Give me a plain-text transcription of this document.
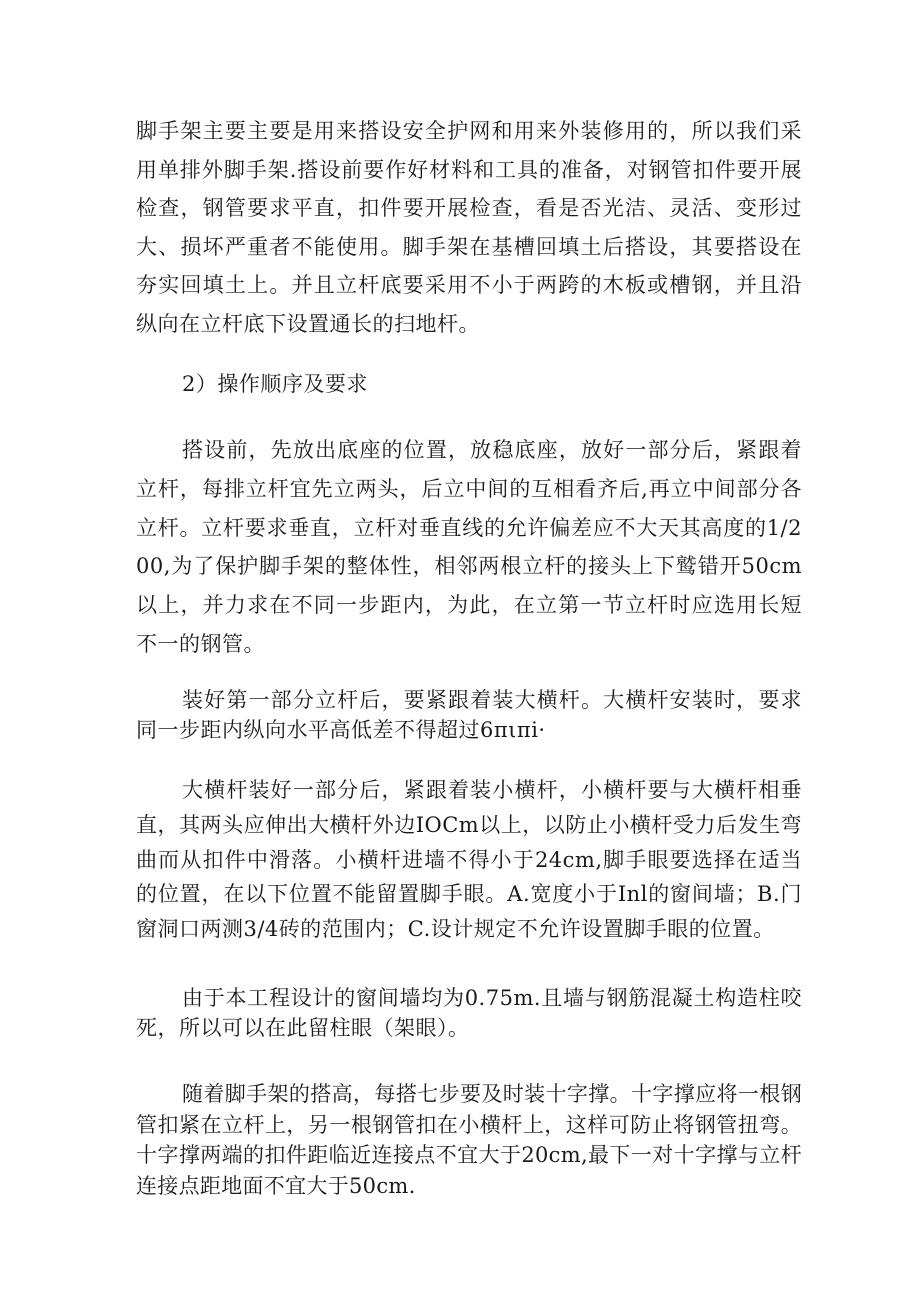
脚手架主要主要是用来搭设安全护网和用来外装修用的，所以我们采用单排外脚手架.搭设前要作好材料和工具的准备，对钢管扣件要开展检查，钢管要求平直，扣件要开展检查，看是否光洁、灵活、变形过大、损坏严重者不能使用。脚手架在基槽回填土后搭设，其要搭设在夯实回填土上。并且立杆底要采用不小于两跨的木板或槽钢，并且沿纵向在立杆底下设置通长的扫地杆。

2）操作顺序及要求

搭设前，先放出底座的位置，放稳底座，放好一部分后，紧跟着立杆，每排立杆宜先立两头，后立中间的互相看齐后,再立中间部分各立杆。立杆要求垂直，立杆对垂直线的允许偏差应不大天其高度的1/200,为了保护脚手架的整体性，相邻两根立杆的接头上下鹫错开50cm以上，并力求在不同一步距内，为此，在立第一节立杆时应选用长短不一的钢管。

装好第一部分立杆后，要紧跟着装大横杆。大横杆安装时，要求同一步距内纵向水平高低差不得超过6πιπi·

大横杆装好一部分后，紧跟着装小横杆，小横杆要与大横杆相垂直，其两头应伸出大横杆外边IOCm以上，以防止小横杆受力后发生弯曲而从扣件中滑落。小横杆进墙不得小于24cm,脚手眼要选择在适当的位置，在以下位置不能留置脚手眼。A.宽度小于Inl的窗间墙；B.门窗洞口两测3/4砖的范围内；C.设计规定不允许设置脚手眼的位置。

由于本工程设计的窗间墙均为0.75m.且墙与钢筋混凝土构造柱咬死，所以可以在此留柱眼（架眼）。

随着脚手架的搭高，每搭七步要及时装十字撑。十字撑应将一根钢管扣紧在立杆上，另一根钢管扣在小横杆上，这样可防止将钢管扭弯。十字撑两端的扣件距临近连接点不宜大于20cm,最下一对十字撑与立杆连接点距地面不宜大于50cm.
